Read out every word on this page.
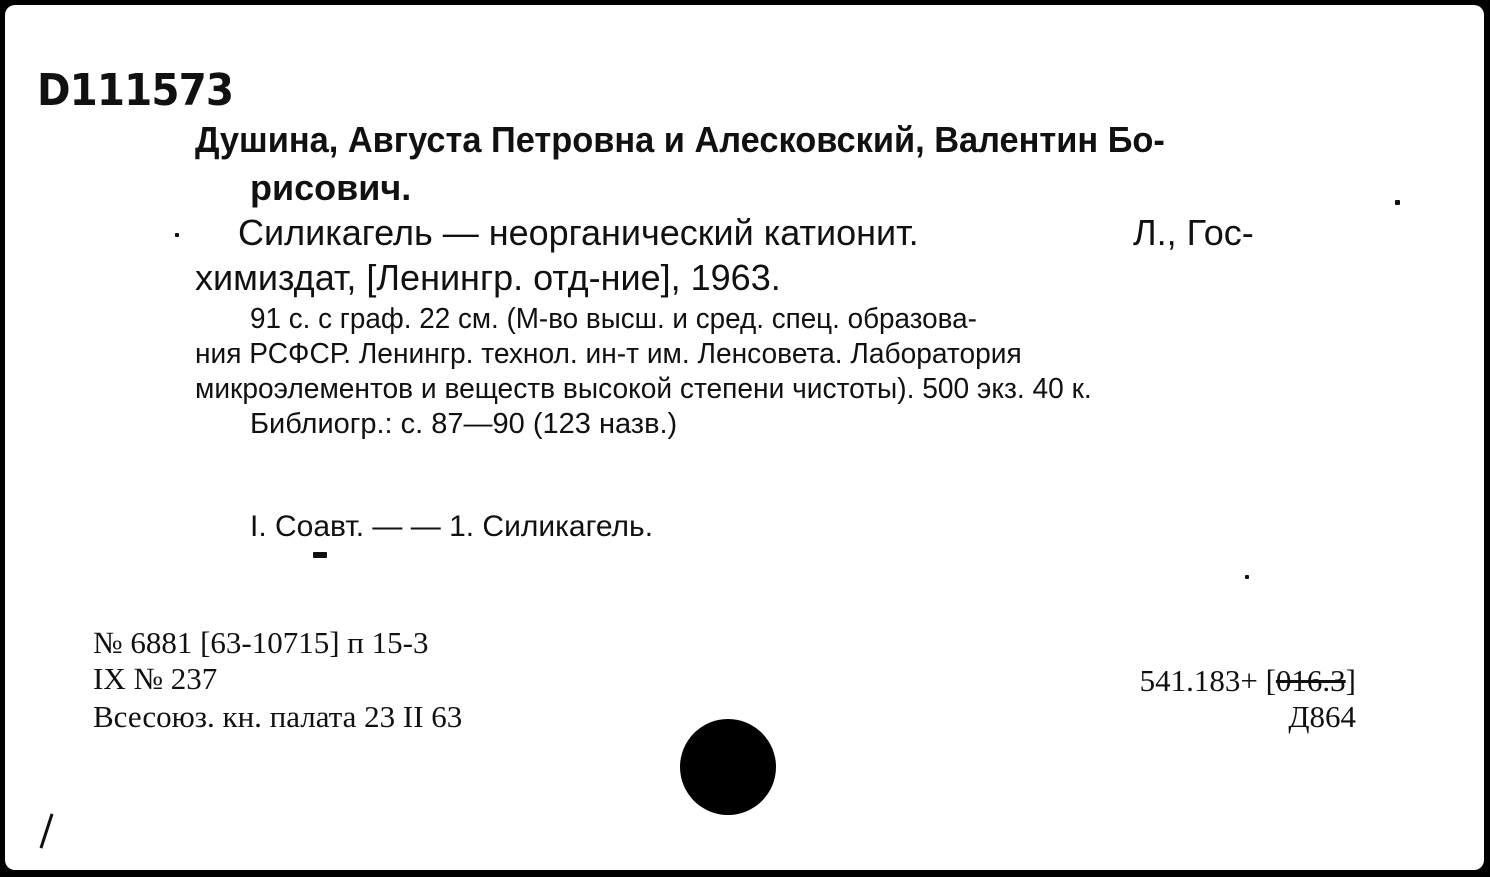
D111573

Душина, Августа Петровна и Алесковский, Валентин Бо-

рисович.

Силикагель — неорганический катионит.	Л., Гос-

химиздат, [Ленингр. отд-ние], 1963.

91 с. с граф. 22 см. (М-во высш. и сред. спец. образова-

ния РСФСР. Ленингр. технол. ин-т им. Ленсовета. Лаборатория

микроэлементов и веществ высокой степени чистоты). 500 экз. 40 к.

Библиогр.: с. 87—90 (123 назв.)

I. Соавт. — — 1. Силикагель.

№ 6881 [63-10715] п 15-3

IX № 237

Всесоюз. кн. палата 23 II 63

541.183+ [016.3]

Д864
